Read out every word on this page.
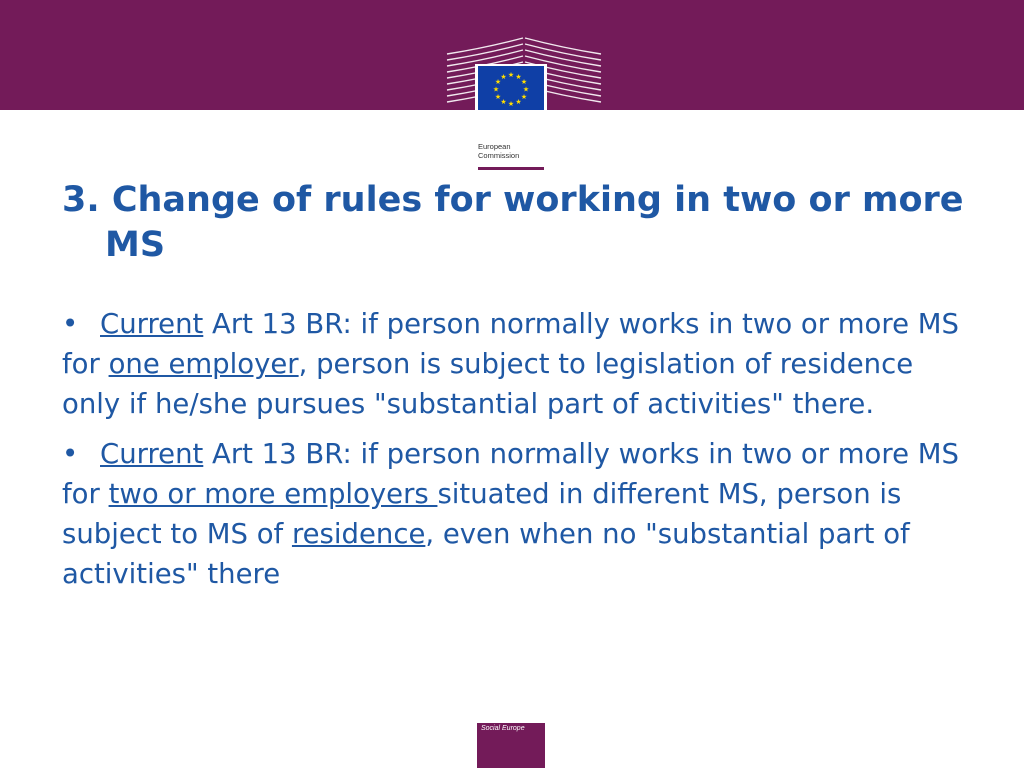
★ ★
★
★
★
★
★
★
★
★
★
★
European
Commission
3. Change of rules for working in two or more MS

• Current Art 13 BR: if person normally works in two or more MS for one employer, person is subject to legislation of residence only if he/she pursues "substantial part of activities" there.

• Current Art 13 BR: if person normally works in two or more MS for two or more employers situated in different MS, person is subject to MS of residence, even when no "substantial part of activities" there

Social Europe
